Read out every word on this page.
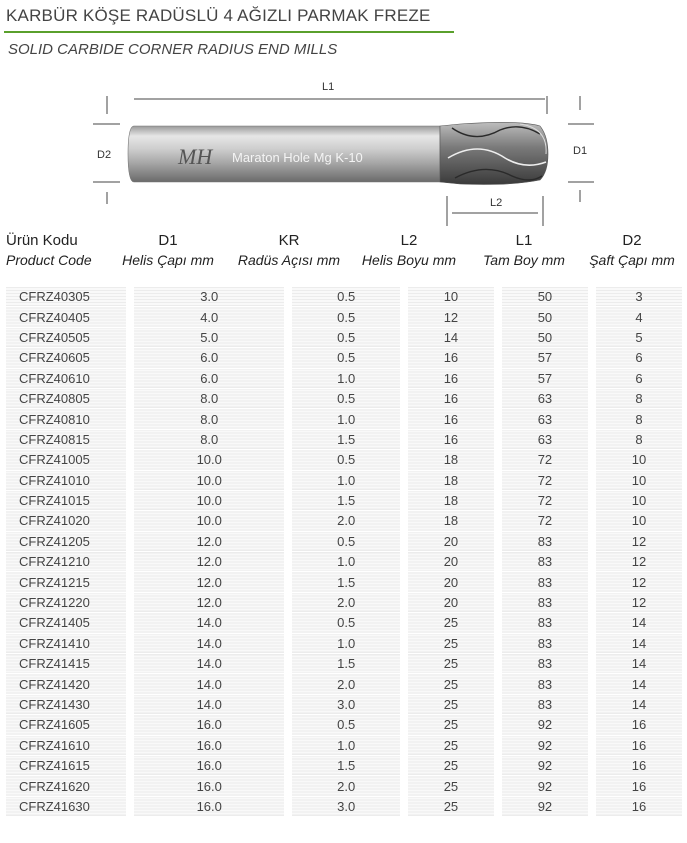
KARBÜR KÖŞE RADÜSLÜ 4 AĞIZLI PARMAK FREZE
SOLID CARBIDE CORNER RADIUS END MILLS
L1
D2	D1
L2
MH Maraton Hole Mg K-10
Ürün Kodu
Product Code
D1
Helis Çapı mm
KR
Radüs Açısı mm
L2
Helis Boyu mm
L1
Tam Boy mm
D2
Şaft Çapı mm
CFRZ40305		3.0		0.5		10		50		3
CFRZ40405		4.0		0.5		12		50		4
CFRZ40505		5.0		0.5		14		50		5
CFRZ40605		6.0		0.5		16		57		6
CFRZ40610		6.0		1.0		16		57		6
CFRZ40805		8.0		0.5		16		63		8
CFRZ40810		8.0		1.0		16		63		8
CFRZ40815		8.0		1.5		16		63		8
CFRZ41005		10.0		0.5		18		72		10
CFRZ41010		10.0		1.0		18		72		10
CFRZ41015		10.0		1.5		18		72		10
CFRZ41020		10.0		2.0		18		72		10
CFRZ41205		12.0		0.5		20		83		12
CFRZ41210		12.0		1.0		20		83		12
CFRZ41215		12.0		1.5		20		83		12
CFRZ41220		12.0		2.0		20		83		12
CFRZ41405		14.0		0.5		25		83		14
CFRZ41410		14.0		1.0		25		83		14
CFRZ41415		14.0		1.5		25		83		14
CFRZ41420		14.0		2.0		25		83		14
CFRZ41430		14.0		3.0		25		83		14
CFRZ41605		16.0		0.5		25		92		16
CFRZ41610		16.0		1.0		25		92		16
CFRZ41615		16.0		1.5		25		92		16
CFRZ41620		16.0		2.0		25		92		16
CFRZ41630		16.0		3.0		25		92		16
